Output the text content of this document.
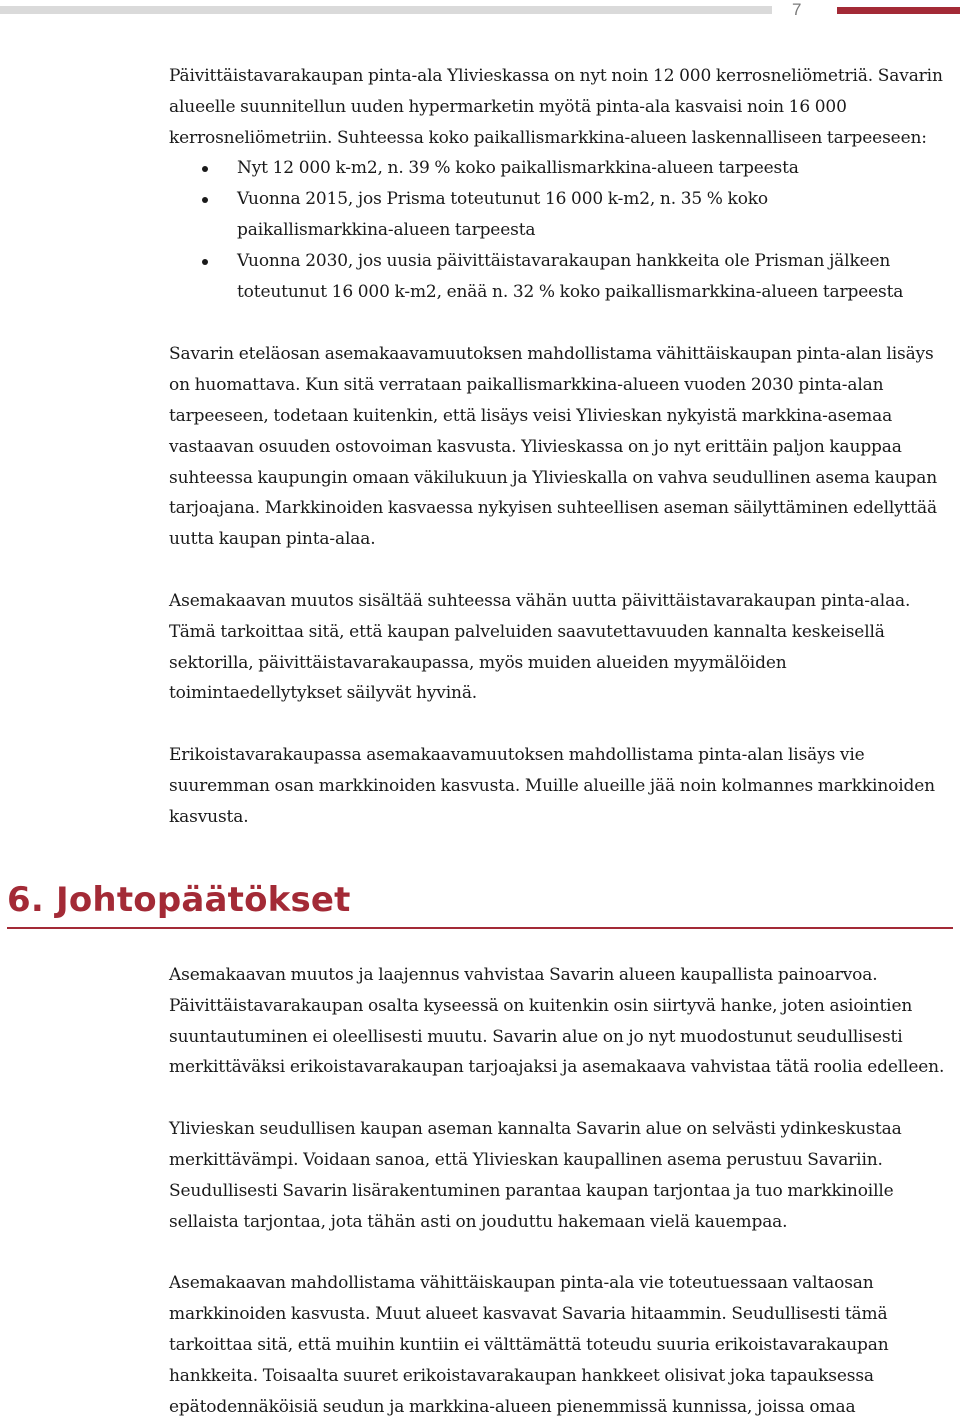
7

Päivittäistavarakaupan pinta-ala Ylivieskassa on nyt noin 12 000 kerrosneliömetriä. Savarin alueelle suunnitellun uuden hypermarketin myötä pinta-ala kasvaisi noin 16 000 kerrosneliömetriin. Suhteessa koko paikallismarkkina-alueen laskennalliseen tarpeeseen:

Nyt 12 000 k-m2, n. 39 % koko paikallismarkkina-alueen tarpeesta
Vuonna 2015, jos Prisma toteutunut 16 000 k-m2, n. 35 % koko paikallismarkkina-alueen tarpeesta
Vuonna 2030, jos uusia päivittäistavarakaupan hankkeita ole Prisman jälkeen toteutunut 16 000 k-m2, enää n. 32 % koko paikallismarkkina-alueen tarpeesta

Savarin eteläosan asemakaavamuutoksen mahdollistama vähittäiskaupan pinta-alan lisäys on huomattava. Kun sitä verrataan paikallismarkkina-alueen vuoden 2030 pinta-alan tarpeeseen, todetaan kuitenkin, että lisäys veisi Ylivieskan nykyistä markkina-asemaa vastaavan osuuden ostovoiman kasvusta. Ylivieskassa on jo nyt erittäin paljon kauppaa suhteessa kaupungin omaan väkilukuun ja Ylivieskalla on vahva seudullinen asema kaupan tarjoajana. Markkinoiden kasvaessa nykyisen suhteellisen aseman säilyttäminen edellyttää uutta kaupan pinta-alaa.

Asemakaavan muutos sisältää suhteessa vähän uutta päivittäistavarakaupan pinta-alaa. Tämä tarkoittaa sitä, että kaupan palveluiden saavutettavuuden kannalta keskeisellä sektorilla, päivittäistavarakaupassa, myös muiden alueiden myymälöiden toimintaedellytykset säilyvät hyvinä.

Erikoistavarakaupassa asemakaavamuutoksen mahdollistama pinta-alan lisäys vie suuremman osan markkinoiden kasvusta. Muille alueille jää noin kolmannes markkinoiden kasvusta.

6. Johtopäätökset

Asemakaavan muutos ja laajennus vahvistaa Savarin alueen kaupallista painoarvoa. Päivittäistavarakaupan osalta kyseessä on kuitenkin osin siirtyvä hanke, joten asiointien suuntautuminen ei oleellisesti muutu. Savarin alue on jo nyt muodostunut seudullisesti merkittäväksi erikoistavarakaupan tarjoajaksi ja asemakaava vahvistaa tätä roolia edelleen.

Ylivieskan seudullisen kaupan aseman kannalta Savarin alue on selvästi ydinkeskustaa merkittävämpi. Voidaan sanoa, että Ylivieskan kaupallinen asema perustuu Savariin. Seudullisesti Savarin lisärakentuminen parantaa kaupan tarjontaa ja tuo markkinoille sellaista tarjontaa, jota tähän asti on jouduttu hakemaan vielä kauempaa.

Asemakaavan mahdollistama vähittäiskaupan pinta-ala vie toteutuessaan valtaosan markkinoiden kasvusta. Muut alueet kasvavat Savaria hitaammin. Seudullisesti tämä tarkoittaa sitä, että muihin kuntiin ei välttämättä toteudu suuria erikoistavarakaupan hankkeita. Toisaalta suuret erikoistavarakaupan hankkeet olisivat joka tapauksessa epätodennäköisiä seudun ja markkina-alueen pienemmissä kunnissa, joissa omaa
